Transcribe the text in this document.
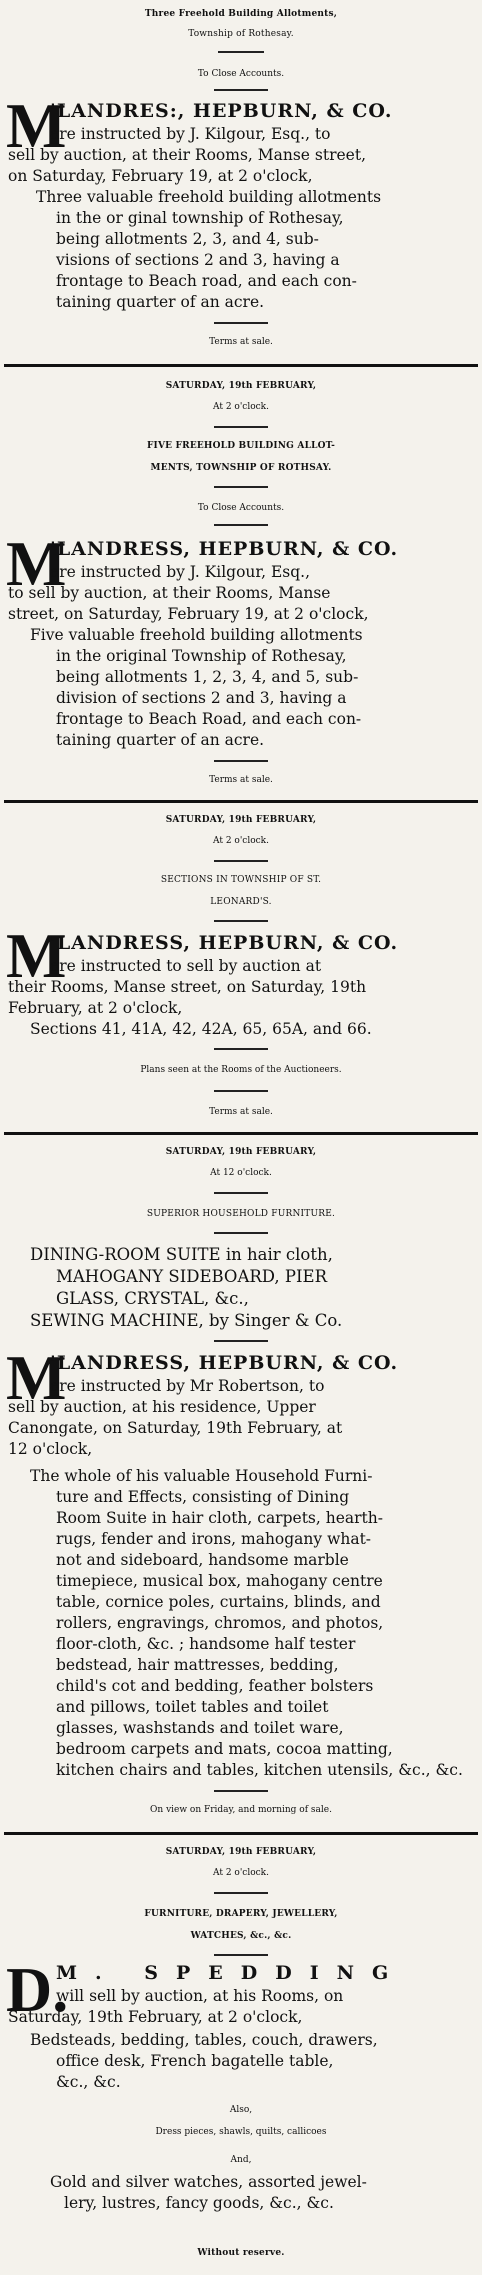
Three Freehold Building Allotments,
Township of Rothesay.
To Close Accounts.
M
'LANDRES:, HEPBURN, & CO.
are instructed by J. Kilgour, Esq., to
sell by auction, at their Rooms, Manse street,
on Saturday, February 19, at 2 o'clock,
Three valuable freehold building allotments
in the or ginal township of Rothesay,
being allotments 2, 3, and 4, sub-
visions of sections 2 and 3, having a
frontage to Beach road, and each con-
taining quarter of an acre.
Terms at sale.
SATURDAY, 19th FEBRUARY,
At 2 o'clock.
FIVE FREEHOLD BUILDING ALLOT-
MENTS, TOWNSHIP OF ROTHSAY.
To Close Accounts.
M
'LANDRESS, HEPBURN, & CO.
are instructed by J. Kilgour, Esq.,
to sell by auction, at their Rooms, Manse
street, on Saturday, February 19, at 2 o'clock,
Five valuable freehold building allotments
in the original Township of Rothesay,
being allotments 1, 2, 3, 4, and 5, sub-
division of sections 2 and 3, having a
frontage to Beach Road, and each con-
taining quarter of an acre.
Terms at sale.
SATURDAY, 19th FEBRUARY,
At 2 o'clock.
SECTIONS IN TOWNSHIP OF ST.
LEONARD'S.
M
'LANDRESS, HEPBURN, & CO.
are instructed to sell by auction at
their Rooms, Manse street, on Saturday, 19th
February, at 2 o'clock,
Sections 41, 41A, 42, 42A, 65, 65A, and 66.
Plans seen at the Rooms of the Auctioneers.
Terms at sale.
SATURDAY, 19th FEBRUARY,
At 12 o'clock.
SUPERIOR HOUSEHOLD FURNITURE.
DINING-ROOM SUITE in hair cloth,
MAHOGANY SIDEBOARD, PIER
GLASS, CRYSTAL, &c.,
SEWING MACHINE, by Singer & Co.
M
'LANDRESS, HEPBURN, & CO.
are instructed by Mr Robertson, to
sell by auction, at his residence, Upper
Canongate, on Saturday, 19th February, at
12 o'clock,
The whole of his valuable Household Furni-
ture and Effects, consisting of Dining
Room Suite in hair cloth, carpets, hearth-
rugs, fender and irons, mahogany what-
not and sideboard, handsome marble
timepiece, musical box, mahogany centre
table, cornice poles, curtains, blinds, and
rollers, engravings, chromos, and photos,
floor-cloth, &c. ; handsome half tester
bedstead, hair mattresses, bedding,
child's cot and bedding, feather bolsters
and pillows, toilet tables and toilet
glasses, washstands and toilet ware,
bedroom carpets and mats, cocoa matting,
kitchen chairs and tables, kitchen utensils, &c., &c.
On view on Friday, and morning of sale.
SATURDAY, 19th FEBRUARY,
At 2 o'clock.
FURNITURE, DRAPERY, JEWELLERY,
WATCHES, &c., &c.
D.
M. SPEDDING
will sell by auction, at his Rooms, on
Saturday, 19th February, at 2 o'clock,
Bedsteads, bedding, tables, couch, drawers,
office desk, French bagatelle table,
&c., &c.
Also,
Dress pieces, shawls, quilts, callicoes
And,
Gold and silver watches, assorted jewel-
lery, lustres, fancy goods, &c., &c.
Without reserve.
